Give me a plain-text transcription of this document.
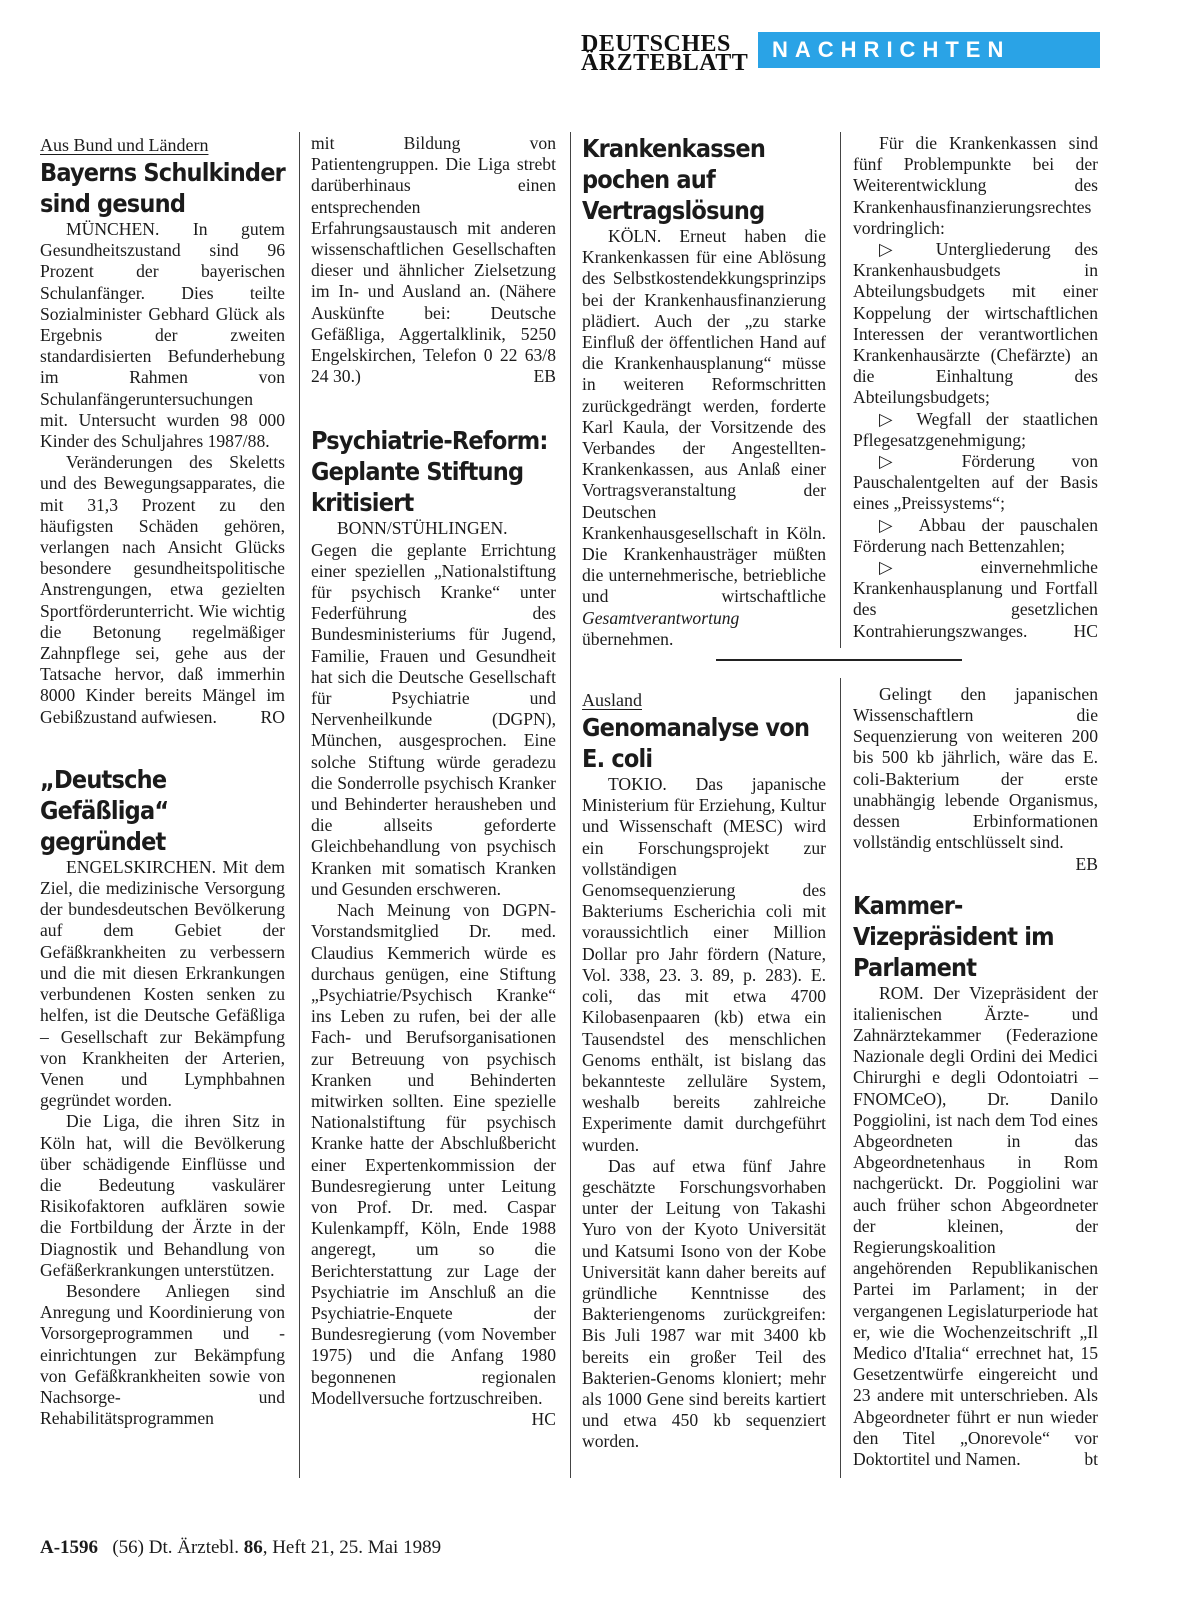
DEUTSCHES
ÄRZTEBLATT
NACHRICHTEN

Aus Bund und Ländern

Bayerns Schulkinder sind gesund

MÜNCHEN. In gutem Gesundheitszustand sind 96 Prozent der bayerischen Schulanfänger. Dies teilte Sozialminister Gebhard Glück als Ergebnis der zweiten standardisierten Befunderhebung im Rahmen von Schulanfängeruntersuchungen mit. Untersucht wurden 98 000 Kinder des Schuljahres 1987/88.

Veränderungen des Skeletts und des Bewegungsapparates, die mit 31,3 Prozent zu den häufigsten Schäden gehören, verlangen nach Ansicht Glücks besondere gesundheitspolitische Anstrengungen, etwa gezielten Sportförderunterricht. Wie wichtig die Betonung regelmäßiger Zahnpflege sei, gehe aus der Tatsache hervor, daß immerhin 8000 Kinder bereits Mängel im Gebißzustand aufwiesen.	RO

„Deutsche Gefäßliga“ gegründet

ENGELSKIRCHEN. Mit dem Ziel, die medizinische Versorgung der bundesdeutschen Bevölkerung auf dem Gebiet der Gefäßkrankheiten zu verbessern und die mit diesen Erkrankungen verbundenen Kosten senken zu helfen, ist die Deutsche Gefäßliga – Gesellschaft zur Bekämpfung von Krankheiten der Arterien, Venen und Lymphbahnen gegründet worden.

Die Liga, die ihren Sitz in Köln hat, will die Bevölkerung über schädigende Einflüsse und die Bedeutung vaskulärer Risikofaktoren aufklären sowie die Fortbildung der Ärzte in der Diagnostik und Behandlung von Gefäßerkrankungen unterstützen.

Besondere Anliegen sind Anregung und Koordinierung von Vorsorgeprogrammen und -einrichtungen zur Bekämpfung von Gefäßkrankheiten sowie von Nachsorge- und Rehabilitätsprogrammen

mit Bildung von Patientengruppen. Die Liga strebt darüberhinaus einen entsprechenden Erfahrungsaustausch mit anderen wissenschaftlichen Gesellschaften dieser und ähnlicher Zielsetzung im In- und Ausland an. (Nähere Auskünfte bei: Deutsche Gefäßliga, Aggertalklinik, 5250 Engelskirchen, Telefon 0 22 63/8 24 30.)	EB

Psychiatrie-Reform: Geplante Stiftung kritisiert

BONN/STÜHLINGEN. Gegen die geplante Errichtung einer speziellen „Nationalstiftung für psychisch Kranke“ unter Federführung des Bundesministeriums für Jugend, Familie, Frauen und Gesundheit hat sich die Deutsche Gesellschaft für Psychiatrie und Nervenheilkunde (DGPN), München, ausgesprochen. Eine solche Stiftung würde geradezu die Sonderrolle psychisch Kranker und Behinderter herausheben und die allseits geforderte Gleichbehandlung von psychisch Kranken mit somatisch Kranken und Gesunden erschweren.

Nach Meinung von DGPN-Vorstandsmitglied Dr. med. Claudius Kemmerich würde es durchaus genügen, eine Stiftung „Psychiatrie/Psychisch Kranke“ ins Leben zu rufen, bei der alle Fach- und Berufsorganisationen zur Betreuung von psychisch Kranken und Behinderten mitwirken sollten. Eine spezielle Nationalstiftung für psychisch Kranke hatte der Abschlußbericht einer Expertenkommission der Bundesregierung unter Leitung von Prof. Dr. med. Caspar Kulenkampff, Köln, Ende 1988 angeregt, um so die Berichterstattung zur Lage der Psychiatrie im Anschluß an die Psychiatrie-Enquete der Bundesregierung (vom November 1975) und die Anfang 1980 begonnenen regionalen Modellversuche fortzuschreiben.
HC

Krankenkassen pochen auf Vertragslösung

KÖLN. Erneut haben die Krankenkassen für eine Ablösung des Selbstkostendekkungsprinzips bei der Krankenhausfinanzierung plädiert. Auch der „zu starke Einfluß der öffentlichen Hand auf die Krankenhausplanung“ müsse in weiteren Reformschritten zurückgedrängt werden, forderte Karl Kaula, der Vorsitzende des Verbandes der Angestellten-Krankenkassen, aus Anlaß einer Vortragsveranstaltung der Deutschen Krankenhausgesellschaft in Köln. Die Krankenhausträger müßten die unternehmerische, betriebliche und wirtschaftliche Gesamtverantwortung übernehmen.

Ausland

Genomanalyse von E. coli

TOKIO. Das japanische Ministerium für Erziehung, Kultur und Wissenschaft (MESC) wird ein Forschungsprojekt zur vollständigen Genomsequenzierung des Bakteriums Escherichia coli mit voraussichtlich einer Million Dollar pro Jahr fördern (Nature, Vol. 338, 23. 3. 89, p. 283). E. coli, das mit etwa 4700 Kilobasenpaaren (kb) etwa ein Tausendstel des menschlichen Genoms enthält, ist bislang das bekannteste zelluläre System, weshalb bereits zahlreiche Experimente damit durchgeführt wurden.

Das auf etwa fünf Jahre geschätzte Forschungsvorhaben unter der Leitung von Takashi Yuro von der Kyoto Universität und Katsumi Isono von der Kobe Universität kann daher bereits auf gründliche Kenntnisse des Bakteriengenoms zurückgreifen: Bis Juli 1987 war mit 3400 kb bereits ein großer Teil des Bakterien-Genoms kloniert; mehr als 1000 Gene sind bereits kartiert und etwa 450 kb sequenziert worden.

Für die Krankenkassen sind fünf Problempunkte bei der Weiterentwicklung des Krankenhausfinanzierungsrechtes vordringlich:

▷ Untergliederung des Krankenhausbudgets in Abteilungsbudgets mit einer Koppelung der wirtschaftlichen Interessen der verantwortlichen Krankenhausärzte (Chefärzte) an die Einhaltung des Abteilungsbudgets;

▷ Wegfall der staatlichen Pflegesatzgenehmigung;

▷ Förderung von Pauschalentgelten auf der Basis eines „Preissystems“;

▷ Abbau der pauschalen Förderung nach Bettenzahlen;

▷ einvernehmliche Krankenhausplanung und Fortfall des gesetzlichen Kontrahierungszwanges.	HC

Gelingt den japanischen Wissenschaftlern die Sequenzierung von weiteren 200 bis 500 kb jährlich, wäre das E. coli-Bakterium der erste unabhängig lebende Organismus, dessen Erbinformationen vollständig entschlüsselt sind.
EB

Kammer-Vizepräsident im Parlament

ROM. Der Vizepräsident der italienischen Ärzte- und Zahnärztekammer (Federazione Nazionale degli Ordini dei Medici Chirurghi e degli Odontoiatri – FNOMCeO), Dr. Danilo Poggiolini, ist nach dem Tod eines Abgeordneten in das Abgeordnetenhaus in Rom nachgerückt. Dr. Poggiolini war auch früher schon Abgeordneter der kleinen, der Regierungskoalition angehörenden Republikanischen Partei im Parlament; in der vergangenen Legislaturperiode hat er, wie die Wochenzeitschrift „Il Medico d'Italia“ errechnet hat, 15 Gesetzentwürfe eingereicht und 23 andere mit unterschrieben. Als Abgeordneter führt er nun wieder den Titel „Onorevole“ vor Doktortitel und Namen.	bt

A-1596 (56) Dt. Ärztebl. 86, Heft 21, 25. Mai 1989
